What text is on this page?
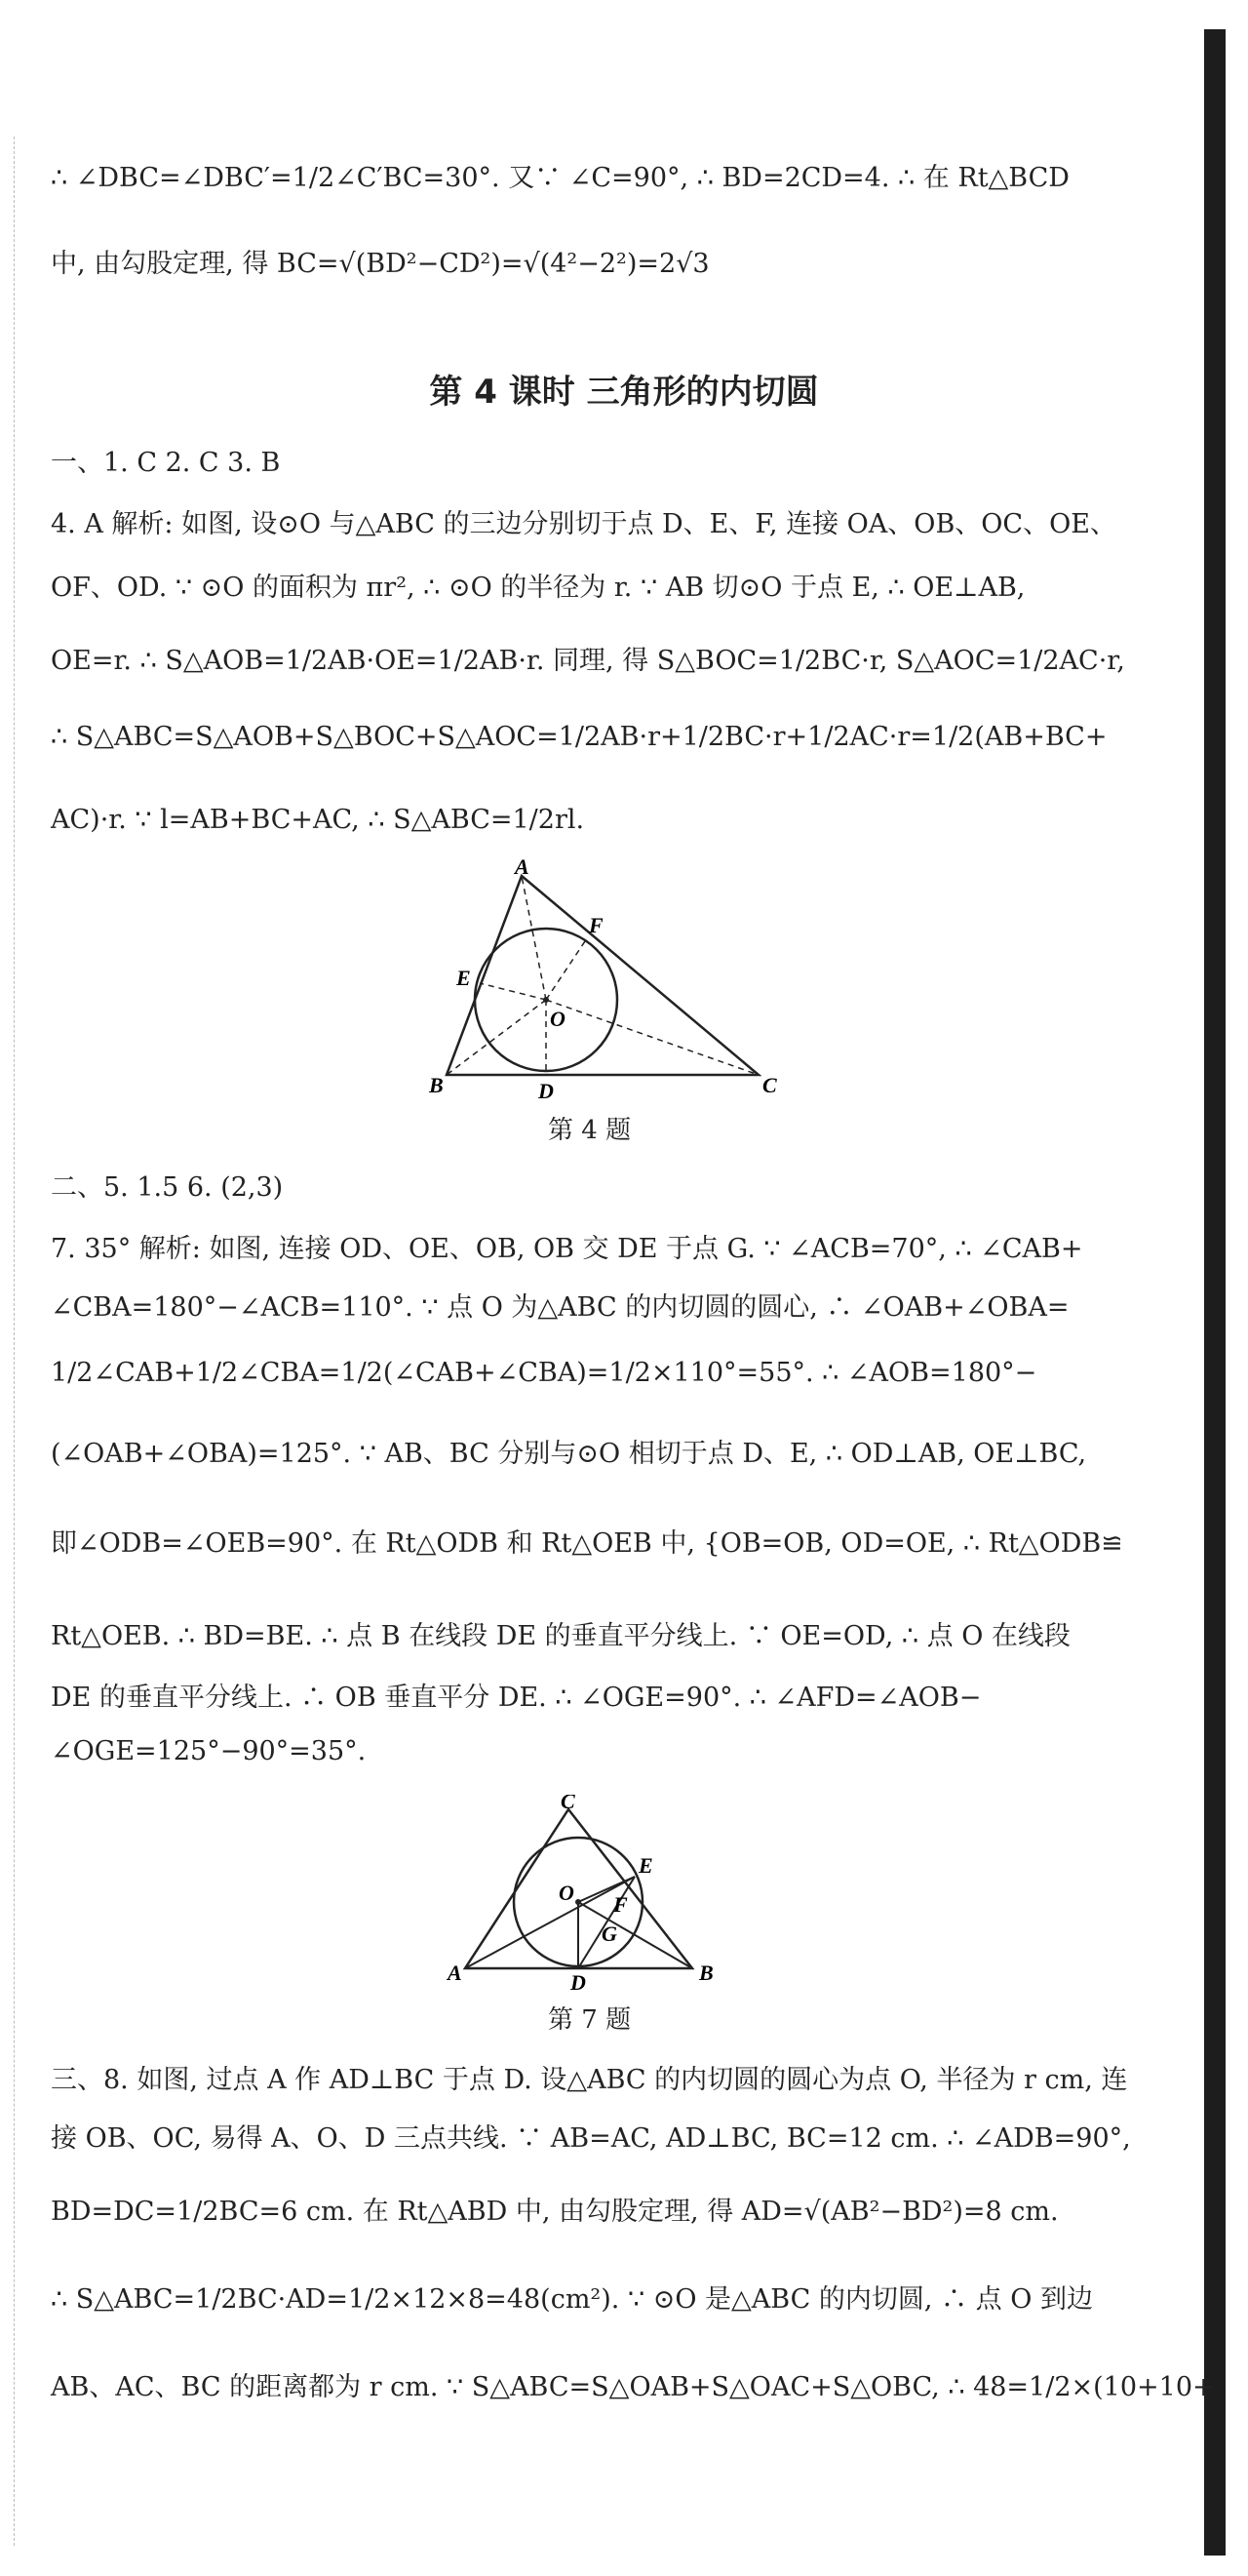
∴ ∠DBC=∠DBC′=1/2∠C′BC=30°. 又∵ ∠C=90°, ∴ BD=2CD=4. ∴ 在 Rt△BCD
中, 由勾股定理, 得 BC=√(BD²−CD²)=√(4²−2²)=2√3
第 4 课时 三角形的内切圆
一、1. C 2. C 3. B
4. A 解析: 如图, 设⊙O 与△ABC 的三边分别切于点 D、E、F, 连接 OA、OB、OC、OE、
OF、OD. ∵ ⊙O 的面积为 πr², ∴ ⊙O 的半径为 r. ∵ AB 切⊙O 于点 E, ∴ OE⊥AB,
OE=r. ∴ S△AOB=1/2AB·OE=1/2AB·r. 同理, 得 S△BOC=1/2BC·r, S△AOC=1/2AC·r,
∴ S△ABC=S△AOB+S△BOC+S△AOC=1/2AB·r+1/2BC·r+1/2AC·r=1/2(AB+BC+
AC)·r. ∵ l=AB+BC+AC, ∴ S△ABC=1/2rl.
A
B	C
D
E
F
O
第 4 题
二、5. 1.5 6. (2,3)
7. 35° 解析: 如图, 连接 OD、OE、OB, OB 交 DE 于点 G. ∵ ∠ACB=70°, ∴ ∠CAB+
∠CBA=180°−∠ACB=110°. ∵ 点 O 为△ABC 的内切圆的圆心, ∴ ∠OAB+∠OBA=
1/2∠CAB+1/2∠CBA=1/2(∠CAB+∠CBA)=1/2×110°=55°. ∴ ∠AOB=180°−
(∠OAB+∠OBA)=125°. ∵ AB、BC 分别与⊙O 相切于点 D、E, ∴ OD⊥AB, OE⊥BC,
即∠ODB=∠OEB=90°. 在 Rt△ODB 和 Rt△OEB 中, {OB=OB, OD=OE, ∴ Rt△ODB≌
Rt△OEB. ∴ BD=BE. ∴ 点 B 在线段 DE 的垂直平分线上. ∵ OE=OD, ∴ 点 O 在线段
DE 的垂直平分线上. ∴ OB 垂直平分 DE. ∴ ∠OGE=90°. ∴ ∠AFD=∠AOB−
∠OGE=125°−90°=35°.
C
A	B
D
E
F
G
O
第 7 题
三、8. 如图, 过点 A 作 AD⊥BC 于点 D. 设△ABC 的内切圆的圆心为点 O, 半径为 r cm, 连
接 OB、OC, 易得 A、O、D 三点共线. ∵ AB=AC, AD⊥BC, BC=12 cm. ∴ ∠ADB=90°,
BD=DC=1/2BC=6 cm. 在 Rt△ABD 中, 由勾股定理, 得 AD=√(AB²−BD²)=8 cm.
∴ S△ABC=1/2BC·AD=1/2×12×8=48(cm²). ∵ ⊙O 是△ABC 的内切圆, ∴ 点 O 到边
AB、AC、BC 的距离都为 r cm. ∵ S△ABC=S△OAB+S△OAC+S△OBC, ∴ 48=1/2×(10+10+
